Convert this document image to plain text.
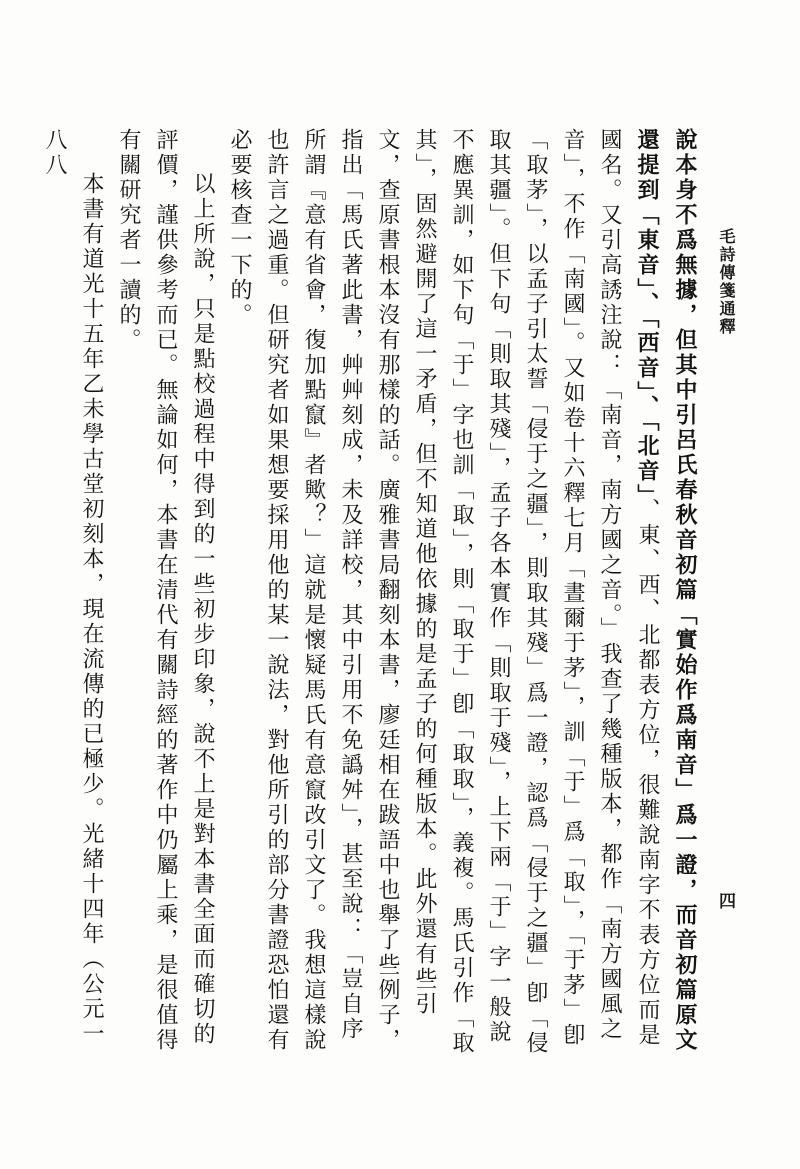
毛詩傳箋通釋
四

說本身不爲無據，但其中引呂氏春秋音初篇「實始作爲南音」爲一證，而音初篇原文還提到「東音」、「西音」、「北音」、東、西、北都表方位，很難說南字不表方位而是國名。又引高誘注說：「南音，南方國之音。」我查了幾種版本，都作「南方國風之音」，不作「南國」。又如卷十六釋七月「晝爾于茅」，訓「于」爲「取」，「于茅」卽「取茅」，以孟子引太誓「侵于之疆」，則取其殘」爲一證，認爲「侵于之疆」卽「侵取其疆」。但下句「則取其殘」，孟子各本實作「則取于殘」，上下兩「于」字一般說不應異訓，如下句「于」字也訓「取」，則「取于」卽「取取」，義複。馬氏引作「取其」，固然避開了這一矛盾，但不知道他依據的是孟子的何種版本。此外還有些引文，查原書根本沒有那樣的話。廣雅書局翻刻本書，廖廷相在跋語中也舉了些例子，指出「馬氏著此書，艸艸刻成，未及詳校，其中引用不免譌舛」，甚至說：「豈自序所謂『意有省會，復加點竄』者歟？」這就是懷疑馬氏有意竄改引文了。我想這樣說也許言之過重。但研究者如果想要採用他的某一說法，對他所引的部分書證恐怕還有必要核查一下的。

以上所說，只是點校過程中得到的一些初步印象，說不上是對本書全面而確切的評價，謹供參考而已。無論如何，本書在清代有關詩經的著作中仍屬上乘，是很值得有關研究者一讀的。

本書有道光十五年乙未學古堂初刻本，現在流傳的已極少。光緒十四年（公元一八八
